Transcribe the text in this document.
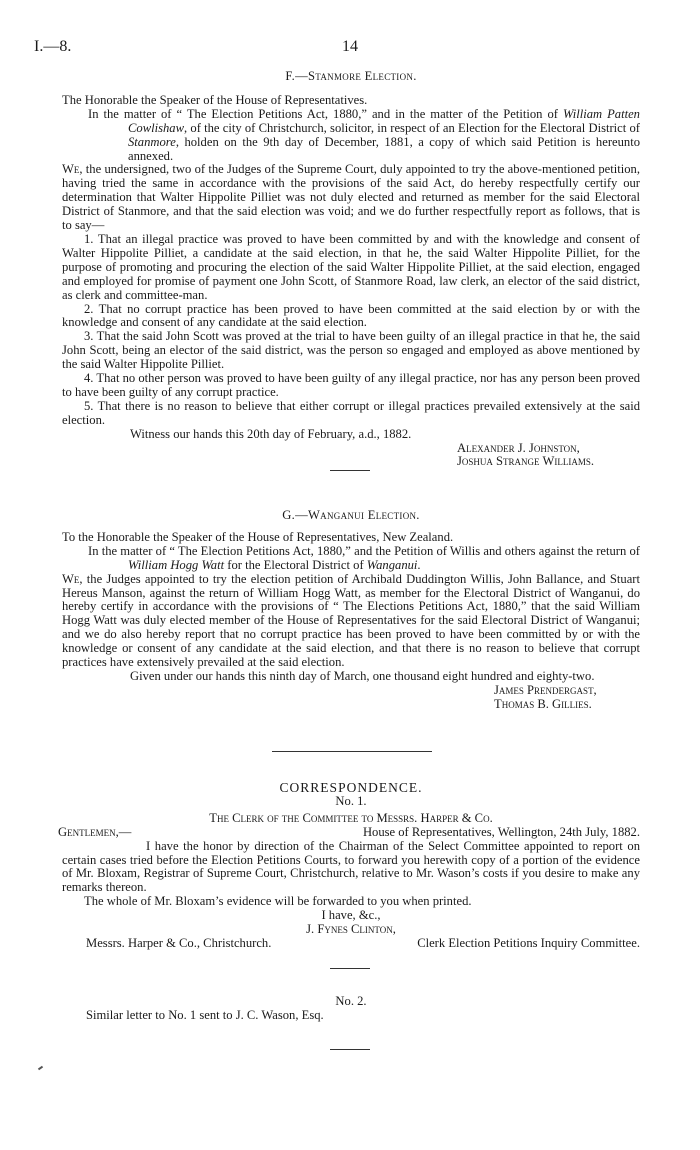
I.—8.	14
F.—Stanmore Election.

The Honorable the Speaker of the House of Representatives.

In the matter of “ The Election Petitions Act, 1880,” and in the matter of the Petition of William Patten Cowlishaw, of the city of Christchurch, solicitor, in respect of an Election for the Electoral District of Stanmore, holden on the 9th day of December, 1881, a copy of which said Petition is hereunto annexed.

We, the undersigned, two of the Judges of the Supreme Court, duly appointed to try the above-mentioned petition, having tried the same in accordance with the provisions of the said Act, do hereby respectfully certify our determination that Walter Hippolite Pilliet was not duly elected and returned as member for the said Electoral District of Stanmore, and that the said election was void; and we do further respectfully report as follows, that is to say—

1. That an illegal practice was proved to have been committed by and with the knowledge and consent of Walter Hippolite Pilliet, a candidate at the said election, in that he, the said Walter Hippolite Pilliet, for the purpose of promoting and procuring the election of the said Walter Hippolite Pilliet, at the said election, engaged and employed for promise of payment one John Scott, of Stanmore Road, law clerk, an elector of the said district, as clerk and committee-man.

2. That no corrupt practice has been proved to have been committed at the said election by or with the knowledge and consent of any candidate at the said election.

3. That the said John Scott was proved at the trial to have been guilty of an illegal practice in that he, the said John Scott, being an elector of the said district, was the person so engaged and employed as above mentioned by the said Walter Hippolite Pilliet.

4. That no other person was proved to have been guilty of any illegal practice, nor has any person been proved to have been guilty of any corrupt practice.

5. That there is no reason to believe that either corrupt or illegal practices prevailed extensively at the said election.

Witness our hands this 20th day of February, a.d., 1882.

Alexander J. Johnston,
Joshua Strange Williams.
G.—Wanganui Election.

To the Honorable the Speaker of the House of Representatives, New Zealand.

In the matter of “ The Election Petitions Act, 1880,” and the Petition of Willis and others against the return of William Hogg Watt for the Electoral District of Wanganui.

We, the Judges appointed to try the election petition of Archibald Duddington Willis, John Ballance, and Stuart Hereus Manson, against the return of William Hogg Watt, as member for the Electoral District of Wanganui, do hereby certify in accordance with the provisions of “ The Elections Petitions Act, 1880,” that the said William Hogg Watt was duly elected member of the House of Representatives for the said Electoral District of Wanganui; and we do also hereby report that no corrupt practice has been proved to have been committed by or with the knowledge or consent of any candidate at the said election, and that there is no reason to believe that corrupt practices have extensively prevailed at the said election.

Given under our hands this ninth day of March, one thousand eight hundred and eighty-two.

James Prendergast,
Thomas B. Gillies.
CORRESPONDENCE.
No. 1.
The Clerk of the Committee to Messrs. Harper & Co.
Gentlemen,—	House of Representatives, Wellington, 24th July, 1882.

I have the honor by direction of the Chairman of the Select Committee appointed to report on certain cases tried before the Election Petitions Courts, to forward you herewith copy of a portion of the evidence of Mr. Bloxam, Registrar of Supreme Court, Christchurch, relative to Mr. Wason’s costs if you desire to make any remarks thereon.

The whole of Mr. Bloxam’s evidence will be forwarded to you when printed.

I have, &c.,
J. Fynes Clinton,
Messrs. Harper & Co., Christchurch.	Clerk Election Petitions Inquiry Committee.
No. 2.

Similar letter to No. 1 sent to J. C. Wason, Esq.
